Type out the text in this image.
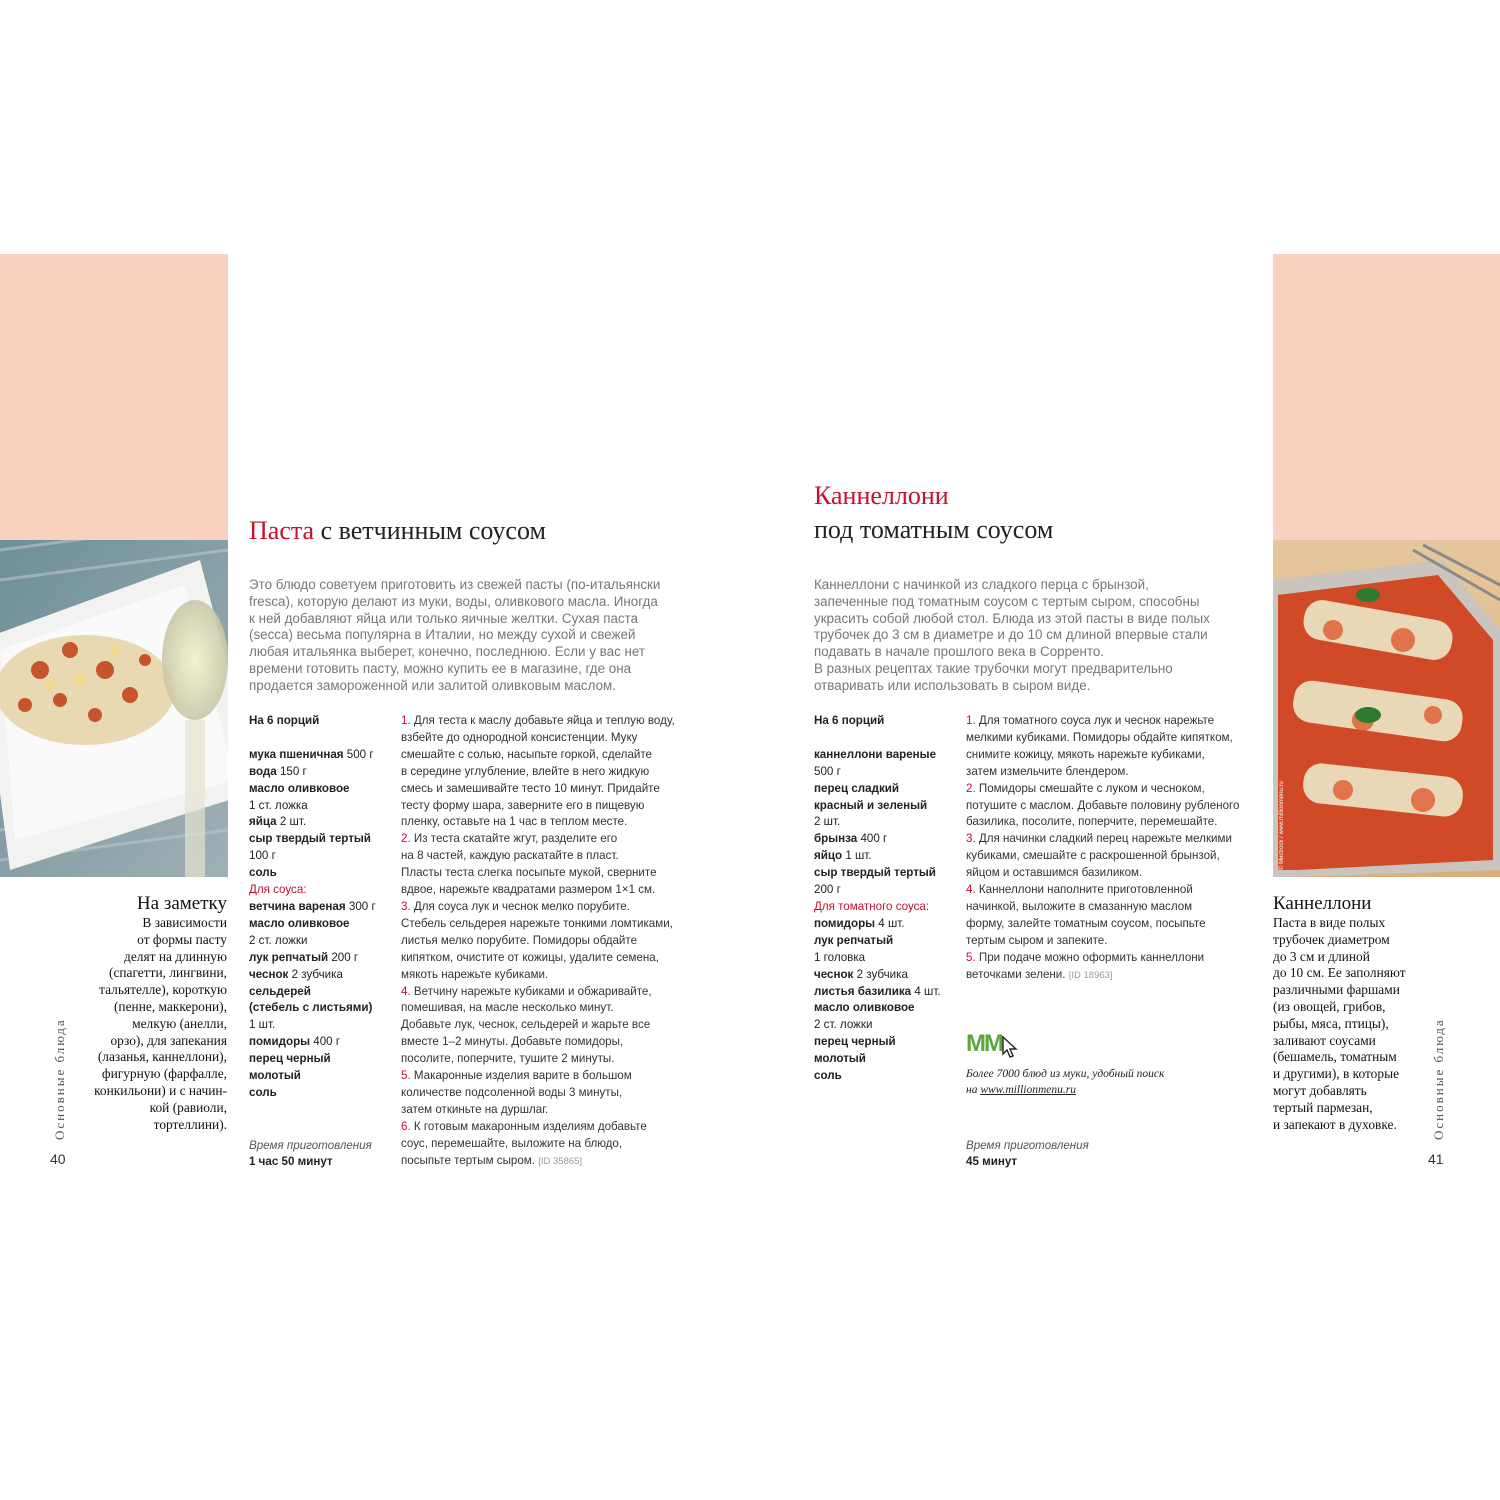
© Мисtrock / www.millionmenu.ru
Паста с ветчинным соусом
Это блюдо советуем приготовить из свежей пасты (по-итальянски
fresca), которую делают из муки, воды, оливкового масла. Иногда
к ней добавляют яйца или только яичные желтки. Сухая паста
(secca) весьма популярна в Италии, но между сухой и свежей
любая итальянка выберет, конечно, последнюю. Если у вас нет
времени готовить пасту, можно купить ее в магазине, где она
продается замороженной или залитой оливковым маслом.
На 6 порций

мука пшеничная 500 г
вода 150 г
масло оливковое
1 ст. ложка
яйца 2 шт.
сыр твердый тертый
100 г
соль
Для соуса:
ветчина вареная 300 г
масло оливковое
2 ст. ложки
лук репчатый 200 г
чеснок 2 зубчика
сельдерей
(стебель с листьями)
1 шт.
помидоры 400 г
перец черный
молотый
соль
1. Для теста к маслу добавьте яйца и теплую воду,
взбейте до однородной консистенции. Муку
смешайте с солью, насыпьте горкой, сделайте
в середине углубление, влейте в него жидкую
смесь и замешивайте тесто 10 минут. Придайте
тесту форму шара, заверните его в пищевую
пленку, оставьте на 1 час в теплом месте.
2. Из теста скатайте жгут, разделите его
на 8 частей, каждую раскатайте в пласт.
Пласты теста слегка посыпьте мукой, сверните
вдвое, нарежьте квадратами размером 1×1 см.
3. Для соуса лук и чеснок мелко порубите.
Стебель сельдерея нарежьте тонкими ломтиками,
листья мелко порубите. Помидоры обдайте
кипятком, очистите от кожицы, удалите семена,
мякоть нарежьте кубиками.
4. Ветчину нарежьте кубиками и обжаривайте,
помешивая, на масле несколько минут.
Добавьте лук, чеснок, сельдерей и жарьте все
вместе 1–2 минуты. Добавьте помидоры,
посолите, поперчите, тушите 2 минуты.
5. Макаронные изделия варите в большом
количестве подсоленной воды 3 минуты,
затем откиньте на дуршлаг.
6. К готовым макаронным изделиям добавьте
соус, перемешайте, выложите на блюдо,
посыпьте тертым сыром. [ID 35865]
Время приготовления
1 час 50 минут
На заметку
В зависимости
от формы пасту
делят на длинную
(спагетти, лингвини,
тальятелле), короткую
(пенне, маккерони),
мелкую (анелли,
орзо), для запекания
(лазанья, каннеллони),
фигурную (фарфалле,
конкильони) и с начин-
кой (равиоли,
тортеллини).
Основные блюда
40
Каннеллони
под томатным соусом
Каннеллони с начинкой из сладкого перца с брынзой,
запеченные под томатным соусом с тертым сыром, способны
украсить собой любой стол. Блюда из этой пасты в виде полых
трубочек до 3 см в диаметре и до 10 см длиной впервые стали
подавать в начале прошлого века в Сорренто.
В разных рецептах такие трубочки могут предварительно
отваривать или использовать в сыром виде.
На 6 порций

каннеллони вареные
500 г
перец сладкий
красный и зеленый
2 шт.
брынза 400 г
яйцо 1 шт.
сыр твердый тертый
200 г
Для томатного соуса:
помидоры 4 шт.
лук репчатый
1 головка
чеснок 2 зубчика
листья базилика 4 шт.
масло оливковое
2 ст. ложки
перец черный
молотый
соль
1. Для томатного соуса лук и чеснок нарежьте
мелкими кубиками. Помидоры обдайте кипятком,
снимите кожицу, мякоть нарежьте кубиками,
затем измельчите блендером.
2. Помидоры смешайте с луком и чесноком,
потушите с маслом. Добавьте половину рубленого
базилика, посолите, поперчите, перемешайте.
3. Для начинки сладкий перец нарежьте мелкими
кубиками, смешайте с раскрошенной брынзой,
яйцом и оставшимся базиликом.
4. Каннеллони наполните приготовленной
начинкой, выложите в смазанную маслом
форму, залейте томатным соусом, посыпьте
тертым сыром и запеките.
5. При подаче можно оформить каннеллони
веточками зелени. [ID 18963]
MM
Более 7000 блюд из муки, удобный поиск
на www.millionmenu.ru
Время приготовления
45 минут
Каннеллони
Паста в виде полых
трубочек диаметром
до 3 см и длиной
до 10 см. Ее заполняют
различными фаршами
(из овощей, грибов,
рыбы, мяса, птицы),
заливают соусами
(бешамель, томатным
и другими), в которые
могут добавлять
тертый пармезан,
и запекают в духовке.	Основные блюда
41
